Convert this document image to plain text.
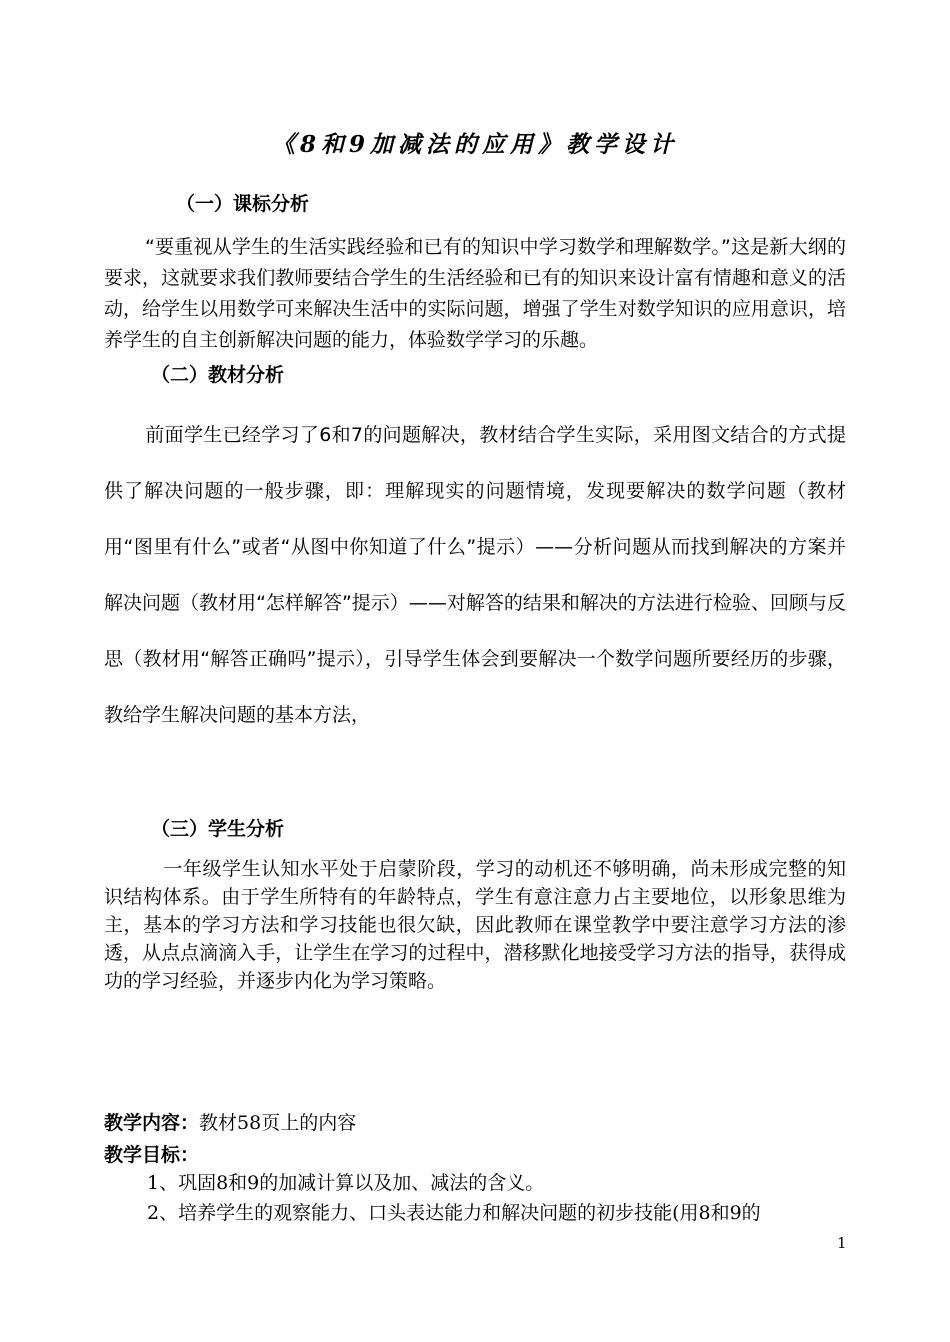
《8和9加减法的应用》教学设计
（一）课标分析

“要重视从学生的生活实践经验和已有的知识中学习数学和理解数学。”这是新大纲的要求，这就要求我们教师要结合学生的生活经验和已有的知识来设计富有情趣和意义的活动，给学生以用数学可来解决生活中的实际问题，增强了学生对数学知识的应用意识，培养学生的自主创新解决问题的能力，体验数学学习的乐趣。

（二）教材分析

前面学生已经学习了6和7的问题解决，教材结合学生实际，采用图文结合的方式提供了解决问题的一般步骤，即：理解现实的问题情境，发现要解决的数学问题（教材用“图里有什么”或者“从图中你知道了什么”提示）——分析问题从而找到解决的方案并解决问题（教材用“怎样解答”提示）——对解答的结果和解决的方法进行检验、回顾与反思（教材用“解答正确吗”提示），引导学生体会到要解决一个数学问题所要经历的步骤，教给学生解决问题的基本方法，

（三）学生分析

一年级学生认知水平处于启蒙阶段，学习的动机还不够明确，尚未形成完整的知识结构体系。由于学生所特有的年龄特点，学生有意注意力占主要地位，以形象思维为主，基本的学习方法和学习技能也很欠缺，因此教师在课堂教学中要注意学习方法的渗透，从点点滴滴入手，让学生在学习的过程中，潜移默化地接受学习方法的指导，获得成功的学习经验，并逐步内化为学习策略。

教学内容：教材58页上的内容
教学目标：
1、巩固8和9的加减计算以及加、减法的含义。
2、培养学生的观察能力、口头表达能力和解决问题的初步技能(用8和9的
1
